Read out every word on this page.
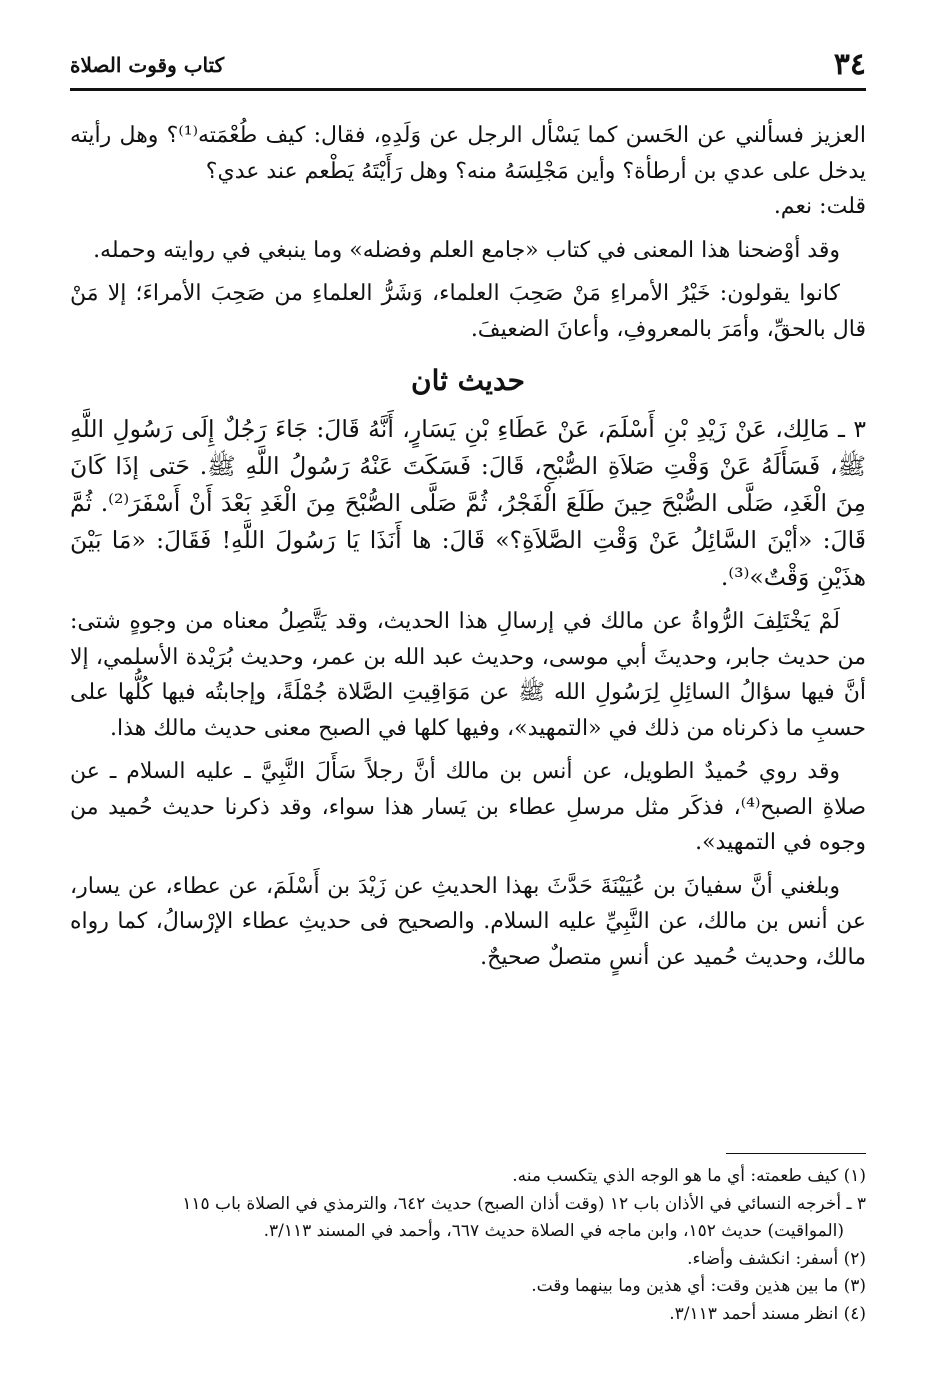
٣٤
كتاب وقوت الصلاة

العزيز فسألني عن الحَسن كما يَسْأل الرجل عن وَلَدِهِ، فقال: كيف طُعْمَته⁽¹⁾؟ وهل رأيته يدخل على عدي بن أرطأة؟ وأين مَجْلِسَهُ منه؟ وهل رَأَيْتَهُ يَطْعم عند عدي؟

قلت: نعم.

وقد أوْضحنا هذا المعنى في كتاب «جامع العلم وفضله» وما ينبغي في روايته وحمله.

كانوا يقولون: خَيْرُ الأمراءِ مَنْ صَحِبَ العلماء، وَشَرُّ العلماءِ من صَحِبَ الأمراءَ؛ إلا مَنْ قال بالحقِّ، وأمَرَ بالمعروفِ، وأعانَ الضعيفَ.

حديث ثان

٣ ـ مَالِك، عَنْ زَيْدِ بْنِ أَسْلَمَ، عَنْ عَطَاءِ بْنِ يَسَارٍ، أَنَّهُ قَالَ: جَاءَ رَجُلٌ إِلَى رَسُولِ اللَّهِ ﷺ، فَسَأَلَهُ عَنْ وَقْتِ صَلاَةِ الصُّبْحِ، قَالَ: فَسَكَتَ عَنْهُ رَسُولُ اللَّهِ ﷺ. حَتى إذَا كَانَ مِنَ الْغَدِ، صَلَّى الصُّبْحَ حِينَ طَلَعَ الْفَجْرُ، ثُمَّ صَلَّى الصُّبْحَ مِنَ الْغَدِ بَعْدَ أَنْ أَسْفَرَ⁽²⁾. ثُمَّ قَالَ: «أيْنَ السَّائِلُ عَنْ وَقْتِ الصَّلاَةِ؟» قَالَ: ها أَنَذَا يَا رَسُولَ اللَّهِ! فَقَالَ: «مَا بَيْنَ هذَيْنِ وَقْتٌ»⁽³⁾.

لَمْ يَخْتَلِفَ الرُّواةُ عن مالك في إرسالِ هذا الحديث، وقد يَتَّصِلُ معناه من وجوهٍ شتى: من حديث جابر، وحديثَ أبي موسى، وحديث عبد الله بن عمر، وحديث بُرَيْدة الأسلمي، إلا أنَّ فيها سؤالُ السائِلِ لِرَسُولِ الله ﷺ عن مَوَاقِيتِ الصَّلاة جُمْلَةً، وإجابتُه فيها كُلُّها على حسبِ ما ذكرناه من ذلك في «التمهيد»، وفيها كلها في الصبح معنى حديث مالك هذا.

وقد روي حُميدٌ الطويل، عن أنس بن مالك أنَّ رجلاً سَأَلَ النَّبِيَّ ـ عليه السلام ـ عن صلاةِ الصبح⁽⁴⁾، فذكَر مثل مرسلِ عطاء بن يَسار هذا سواء، وقد ذكرنا حديث حُميد من وجوه في التمهيد».

وبلغني أنَّ سفيانَ بن عُيَيْنَةَ حَدَّثَ بهذا الحديثِ عن زَيْدَ بن أَسْلَمَ، عن عطاء، عن يسار، عن أنس بن مالك، عن النَّبِيِّ عليه السلام. والصحيح فى حديثِ عطاء الإرْسالُ، كما رواه مالك، وحديث حُميد عن أنسٍ متصلٌ صحيحٌ.

(١) كيف طعمته: أي ما هو الوجه الذي يتكسب منه.

٣ ـ أخرجه النسائي في الأذان باب ١٢ (وقت أذان الصبح) حديث ٦٤٢، والترمذي في الصلاة باب ١١٥

(المواقيت) حديث ١٥٢، وابن ماجه في الصلاة حديث ٦٦٧، وأحمد في المسند ٣/١١٣.

(٢) أسفر: انكشف وأضاء.

(٣) ما بين هذين وقت: أي هذين وما بينهما وقت.

(٤) انظر مسند أحمد ٣/١١٣.
